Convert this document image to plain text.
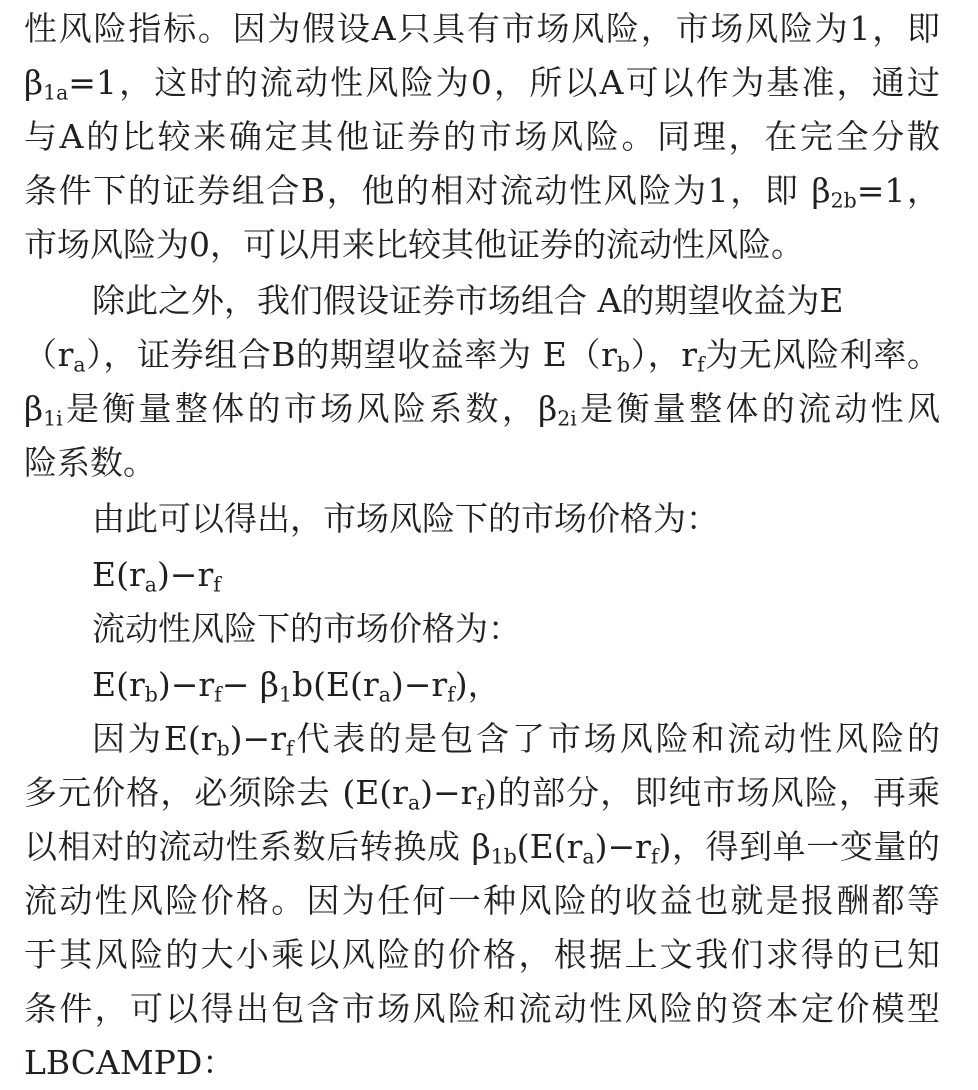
性风险指标。因为假设A只具有市场风险，市场风险为1，即
$\beta_{1a}=1$，这时的流动性风险为0，所以A可以作为基准，通过
与A的比较来确定其他证券的市场风险。同理，在完全分散
条件下的证券组合B，他的相对流动性风险为1，即 $\beta_{2b}=1$，
市场风险为0，可以用来比较其他证券的流动性风险。
除此之外，我们假设证券市场组合 A的期望收益为E
$(r_a)$，证券组合B的期望收益率为 $E(r_b)$，$r_f$为无风险利率。
$\beta_{1i}$是衡量整体的市场风险系数，$\beta_{2i}$是衡量整体的流动性风
险系数。
由此可以得出，市场风险下的市场价格为：
$E(r_a)-r_f$
流动性风险下的市场价格为：
$E(r_b)-r_f- \beta_1b(E(r_a)-r_f)$，
因为$E(r_b)-r_f$代表的是包含了市场风险和流动性风险的
多元价格，必须除去 $(E(r_a)-r_f)$的部分，即纯市场风险，再乘
以相对的流动性系数后转换成 $\beta_{1b}(E(r_a)-r_f)$，得到单一变量的
流动性风险价格。因为任何一种风险的收益也就是报酬都等
于其风险的大小乘以风险的价格，根据上文我们求得的已知
条件，可以得出包含市场风险和流动性风险的资本定价模型
LBCAMPD：
